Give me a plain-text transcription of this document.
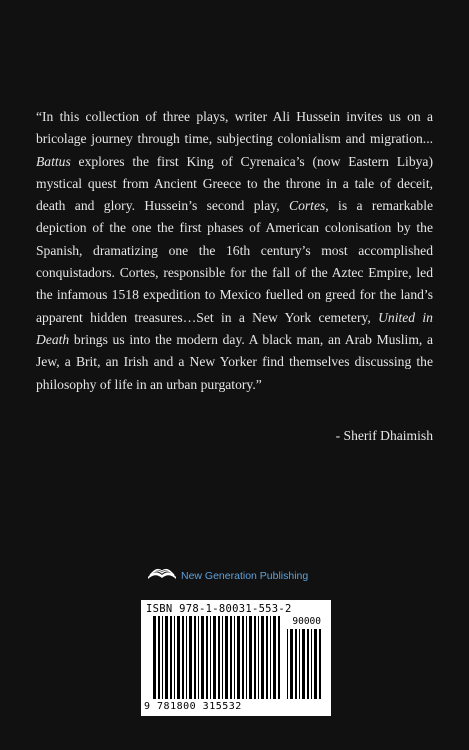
“In this collection of three plays, writer Ali Hussein invites us on a bricolage journey through time, subjecting colonialism and migration... Battus explores the first King of Cyrenaica’s (now Eastern Libya) mystical quest from Ancient Greece to the throne in a tale of deceit, death and glory. Hussein’s second play, Cortes, is a remarkable depiction of the one the first phases of American colonisation by the Spanish, dramatizing one the 16th century’s most accomplished conquistadors. Cortes, responsible for the fall of the Aztec Empire, led the infamous 1518 expedition to Mexico fuelled on greed for the land’s apparent hidden treasures…Set in a New York cemetery, United in Death brings us into the modern day. A black man, an Arab Muslim, a Jew, a Brit, an Irish and a New Yorker find themselves discussing the philosophy of life in an urban purgatory.”

- Sherif Dhaimish
New Generation Publishing
ISBN 978-1-80031-553-2
90000
9 781800 315532
